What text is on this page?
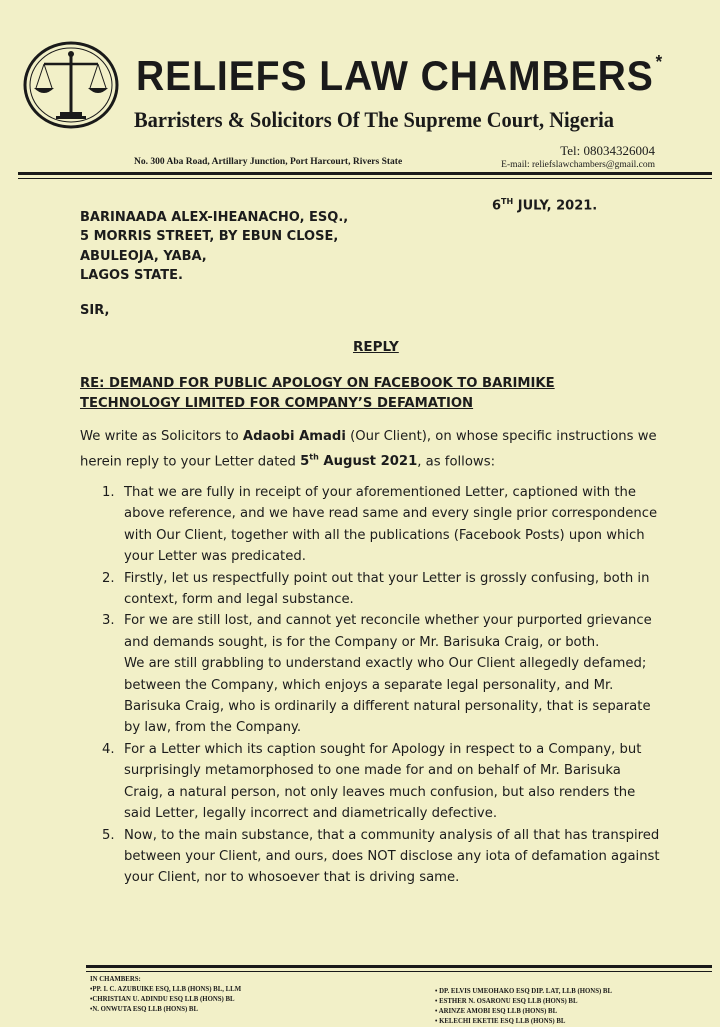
RELIEFS LAW CHAMBERS *
Barristers & Solicitors Of The Supreme Court, Nigeria
No. 300 Aba Road, Artillary Junction, Port Harcourt, Rivers State
Tel: 08034326004
E-mail: reliefslawchambers@gmail.com
6TH JULY, 2021.
BARINAADA ALEX-IHEANACHO, ESQ.,
5 MORRIS STREET, BY EBUN CLOSE,
ABULEOJA, YABA,
LAGOS STATE.
SIR,
REPLY
RE: DEMAND FOR PUBLIC APOLOGY ON FACEBOOK TO BARIMIKE
TECHNOLOGY LIMITED FOR COMPANY’S DEFAMATION
We write as Solicitors to Adaobi Amadi (Our Client), on whose specific instructions we
herein reply to your Letter dated 5th August 2021, as follows:
1. That we are fully in receipt of your aforementioned Letter, captioned with the
above reference, and we have read same and every single prior correspondence
with Our Client, together with all the publications (Facebook Posts) upon which
your Letter was predicated.
2. Firstly, let us respectfully point out that your Letter is grossly confusing, both in
context, form and legal substance.
3. For we are still lost, and cannot yet reconcile whether your purported grievance
and demands sought, is for the Company or Mr. Barisuka Craig, or both.
We are still grabbling to understand exactly who Our Client allegedly defamed;
between the Company, which enjoys a separate legal personality, and Mr.
Barisuka Craig, who is ordinarily a different natural personality, that is separate
by law, from the Company.
4. For a Letter which its caption sought for Apology in respect to a Company, but
surprisingly metamorphosed to one made for and on behalf of Mr. Barisuka
Craig, a natural person, not only leaves much confusion, but also renders the
said Letter, legally incorrect and diametrically defective.
5. Now, to the main substance, that a community analysis of all that has transpired
between your Client, and ours, does NOT disclose any iota of defamation against
your Client, nor to whosoever that is driving same.
IN CHAMBERS:
•PP. I. C. AZUBUIKE ESQ, LLB (HONS) BL, LLM
•CHRISTIAN U. ADINDU ESQ LLB (HONS) BL
•N. ONWUTA ESQ LLB (HONS) BL
• DP. ELVIS UMEOHAKO ESQ DIP. LAT, LLB (HONS) BL
• ESTHER N. OSARONU ESQ LLB (HONS) BL
• ARINZE AMOBI ESQ LLB (HONS) BL
• KELECHI EKETIE ESQ LLB (HONS) BL
